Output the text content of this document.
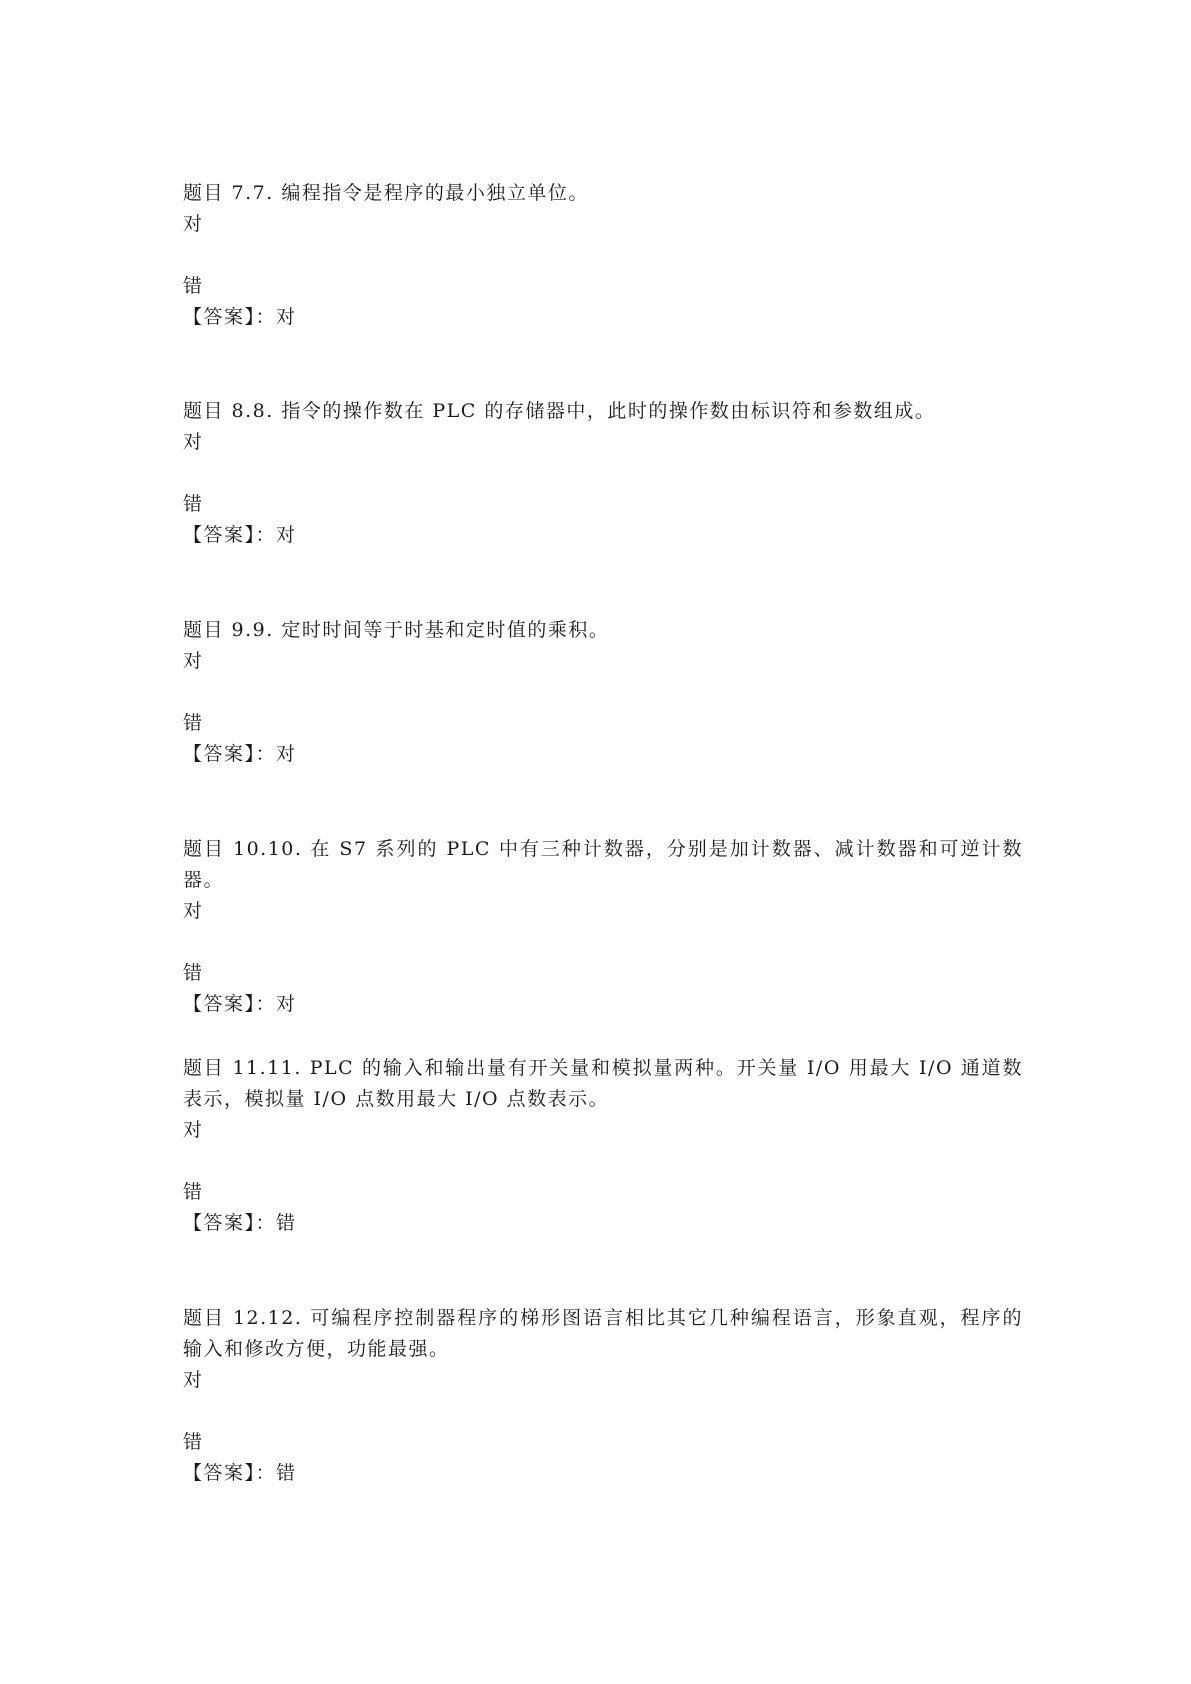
题目 7.7. 编程指令是程序的最小独立单位。
对
错
【答案】：对
题目 8.8. 指令的操作数在 PLC 的存储器中，此时的操作数由标识符和参数组成。
对
错
【答案】：对
题目 9.9. 定时时间等于时基和定时值的乘积。
对
错
【答案】：对
题目 10.10. 在 S7 系列的 PLC 中有三种计数器，分别是加计数器、减计数器和可逆计数器。
对
错
【答案】：对
题目 11.11. PLC 的输入和输出量有开关量和模拟量两种。开关量 I/O 用最大 I/O 通道数表示，模拟量 I/O 点数用最大 I/O 点数表示。
对
错
【答案】：错
题目 12.12. 可编程序控制器程序的梯形图语言相比其它几种编程语言，形象直观，程序的输入和修改方便，功能最强。
对
错
【答案】：错
